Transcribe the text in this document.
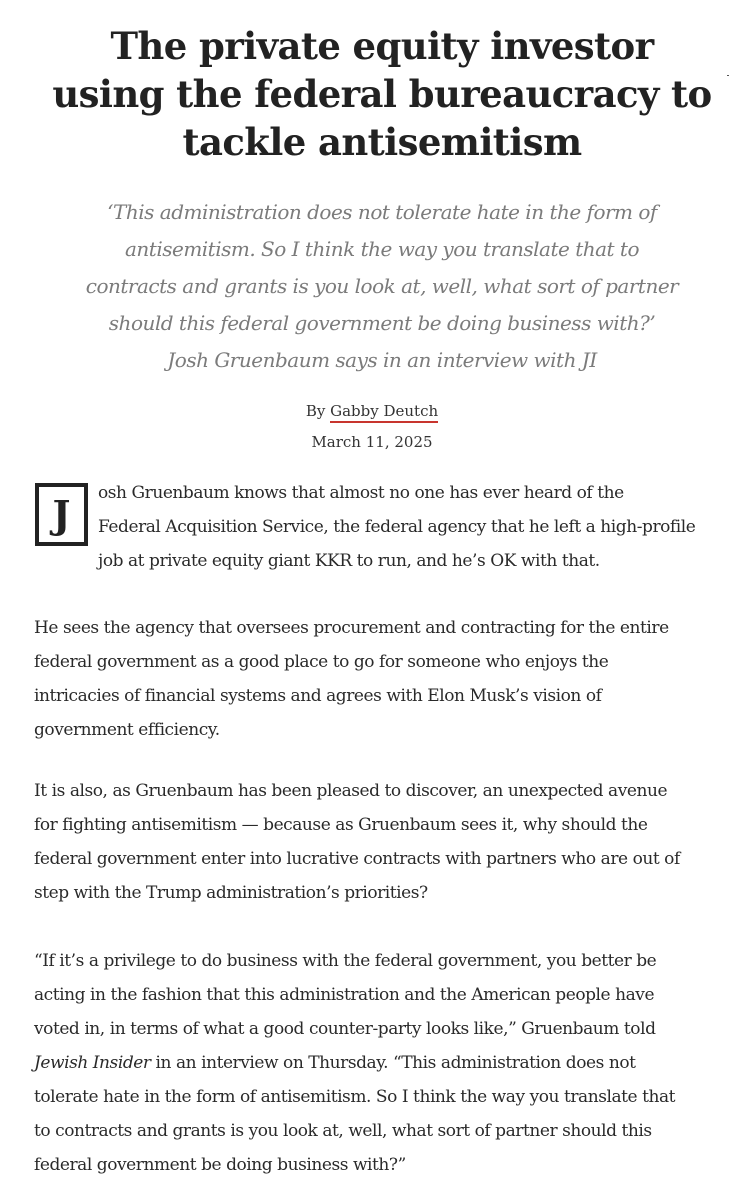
The private equity investor
using the federal bureaucracy to
tackle antisemitism

‘This administration does not tolerate hate in the form of
antisemitism. So I think the way you translate that to
contracts and grants is you look at, well, what sort of partner
should this federal government be doing business with?’
Josh Gruenbaum says in an interview with JI

By Gabby Deutch
March 11, 2025
J	osh Gruenbaum knows that almost no one has ever heard of the
Federal Acquisition Service, the federal agency that he left a high-profile
job at private equity giant KKR to run, and he’s OK with that.

He sees the agency that oversees procurement and contracting for the entire
federal government as a good place to go for someone who enjoys the
intricacies of financial systems and agrees with Elon Musk’s vision of
government efficiency.

It is also, as Gruenbaum has been pleased to discover, an unexpected avenue
for fighting antisemitism — because as Gruenbaum sees it, why should the
federal government enter into lucrative contracts with partners who are out of
step with the Trump administration’s priorities?

“If it’s a privilege to do business with the federal government, you better be
acting in the fashion that this administration and the American people have
voted in, in terms of what a good counter-party looks like,” Gruenbaum told
Jewish Insider in an interview on Thursday. “This administration does not
tolerate hate in the form of antisemitism. So I think the way you translate that
to contracts and grants is you look at, well, what sort of partner should this
federal government be doing business with?”
